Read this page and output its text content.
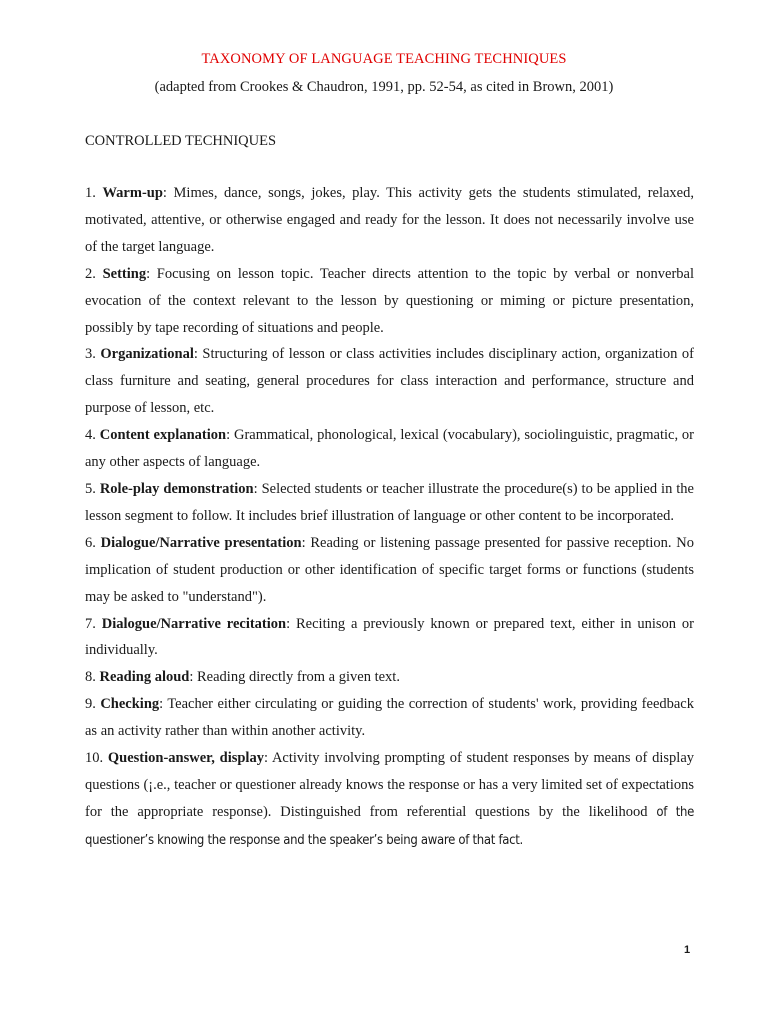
TAXONOMY OF LANGUAGE TEACHING TECHNIQUES
(adapted from Crookes & Chaudron, 1991, pp. 52-54, as cited in Brown, 2001)
CONTROLLED TECHNIQUES

1. Warm-up: Mimes, dance, songs, jokes, play. This activity gets the students stimulated, relaxed, motivated, attentive, or otherwise engaged and ready for the lesson. It does not necessarily involve use of the target language.

2. Setting: Focusing on lesson topic. Teacher directs attention to the topic by verbal or nonverbal evocation of the context relevant to the lesson by questioning or miming or picture presentation, possibly by tape recording of situations and people.

3. Organizational: Structuring of lesson or class activities includes disciplinary action, organization of class furniture and seating, general procedures for class interaction and performance, structure and purpose of lesson, etc.

4. Content explanation: Grammatical, phonological, lexical (vocabulary), sociolinguistic, pragmatic, or any other aspects of language.

5. Role-play demonstration: Selected students or teacher illustrate the procedure(s) to be applied in the lesson segment to follow. It includes brief illustration of language or other content to be incorporated.

6. Dialogue/Narrative presentation: Reading or listening passage presented for passive reception. No implication of student production or other identification of specific target forms or functions (students may be asked to "understand").

7. Dialogue/Narrative recitation: Reciting a previously known or prepared text, either in unison or individually.

8. Reading aloud: Reading directly from a given text.

9. Checking: Teacher either circulating or guiding the correction of students' work, providing feedback as an activity rather than within another activity.

10. Question-answer, display: Activity involving prompting of student responses by means of display questions (¡.e., teacher or questioner already knows the response or has a very limited set of expectations for the appropriate response). Distinguished from referential questions by the likelihood of the questioner’s knowing the response and the speaker’s being aware of that fact.

1
